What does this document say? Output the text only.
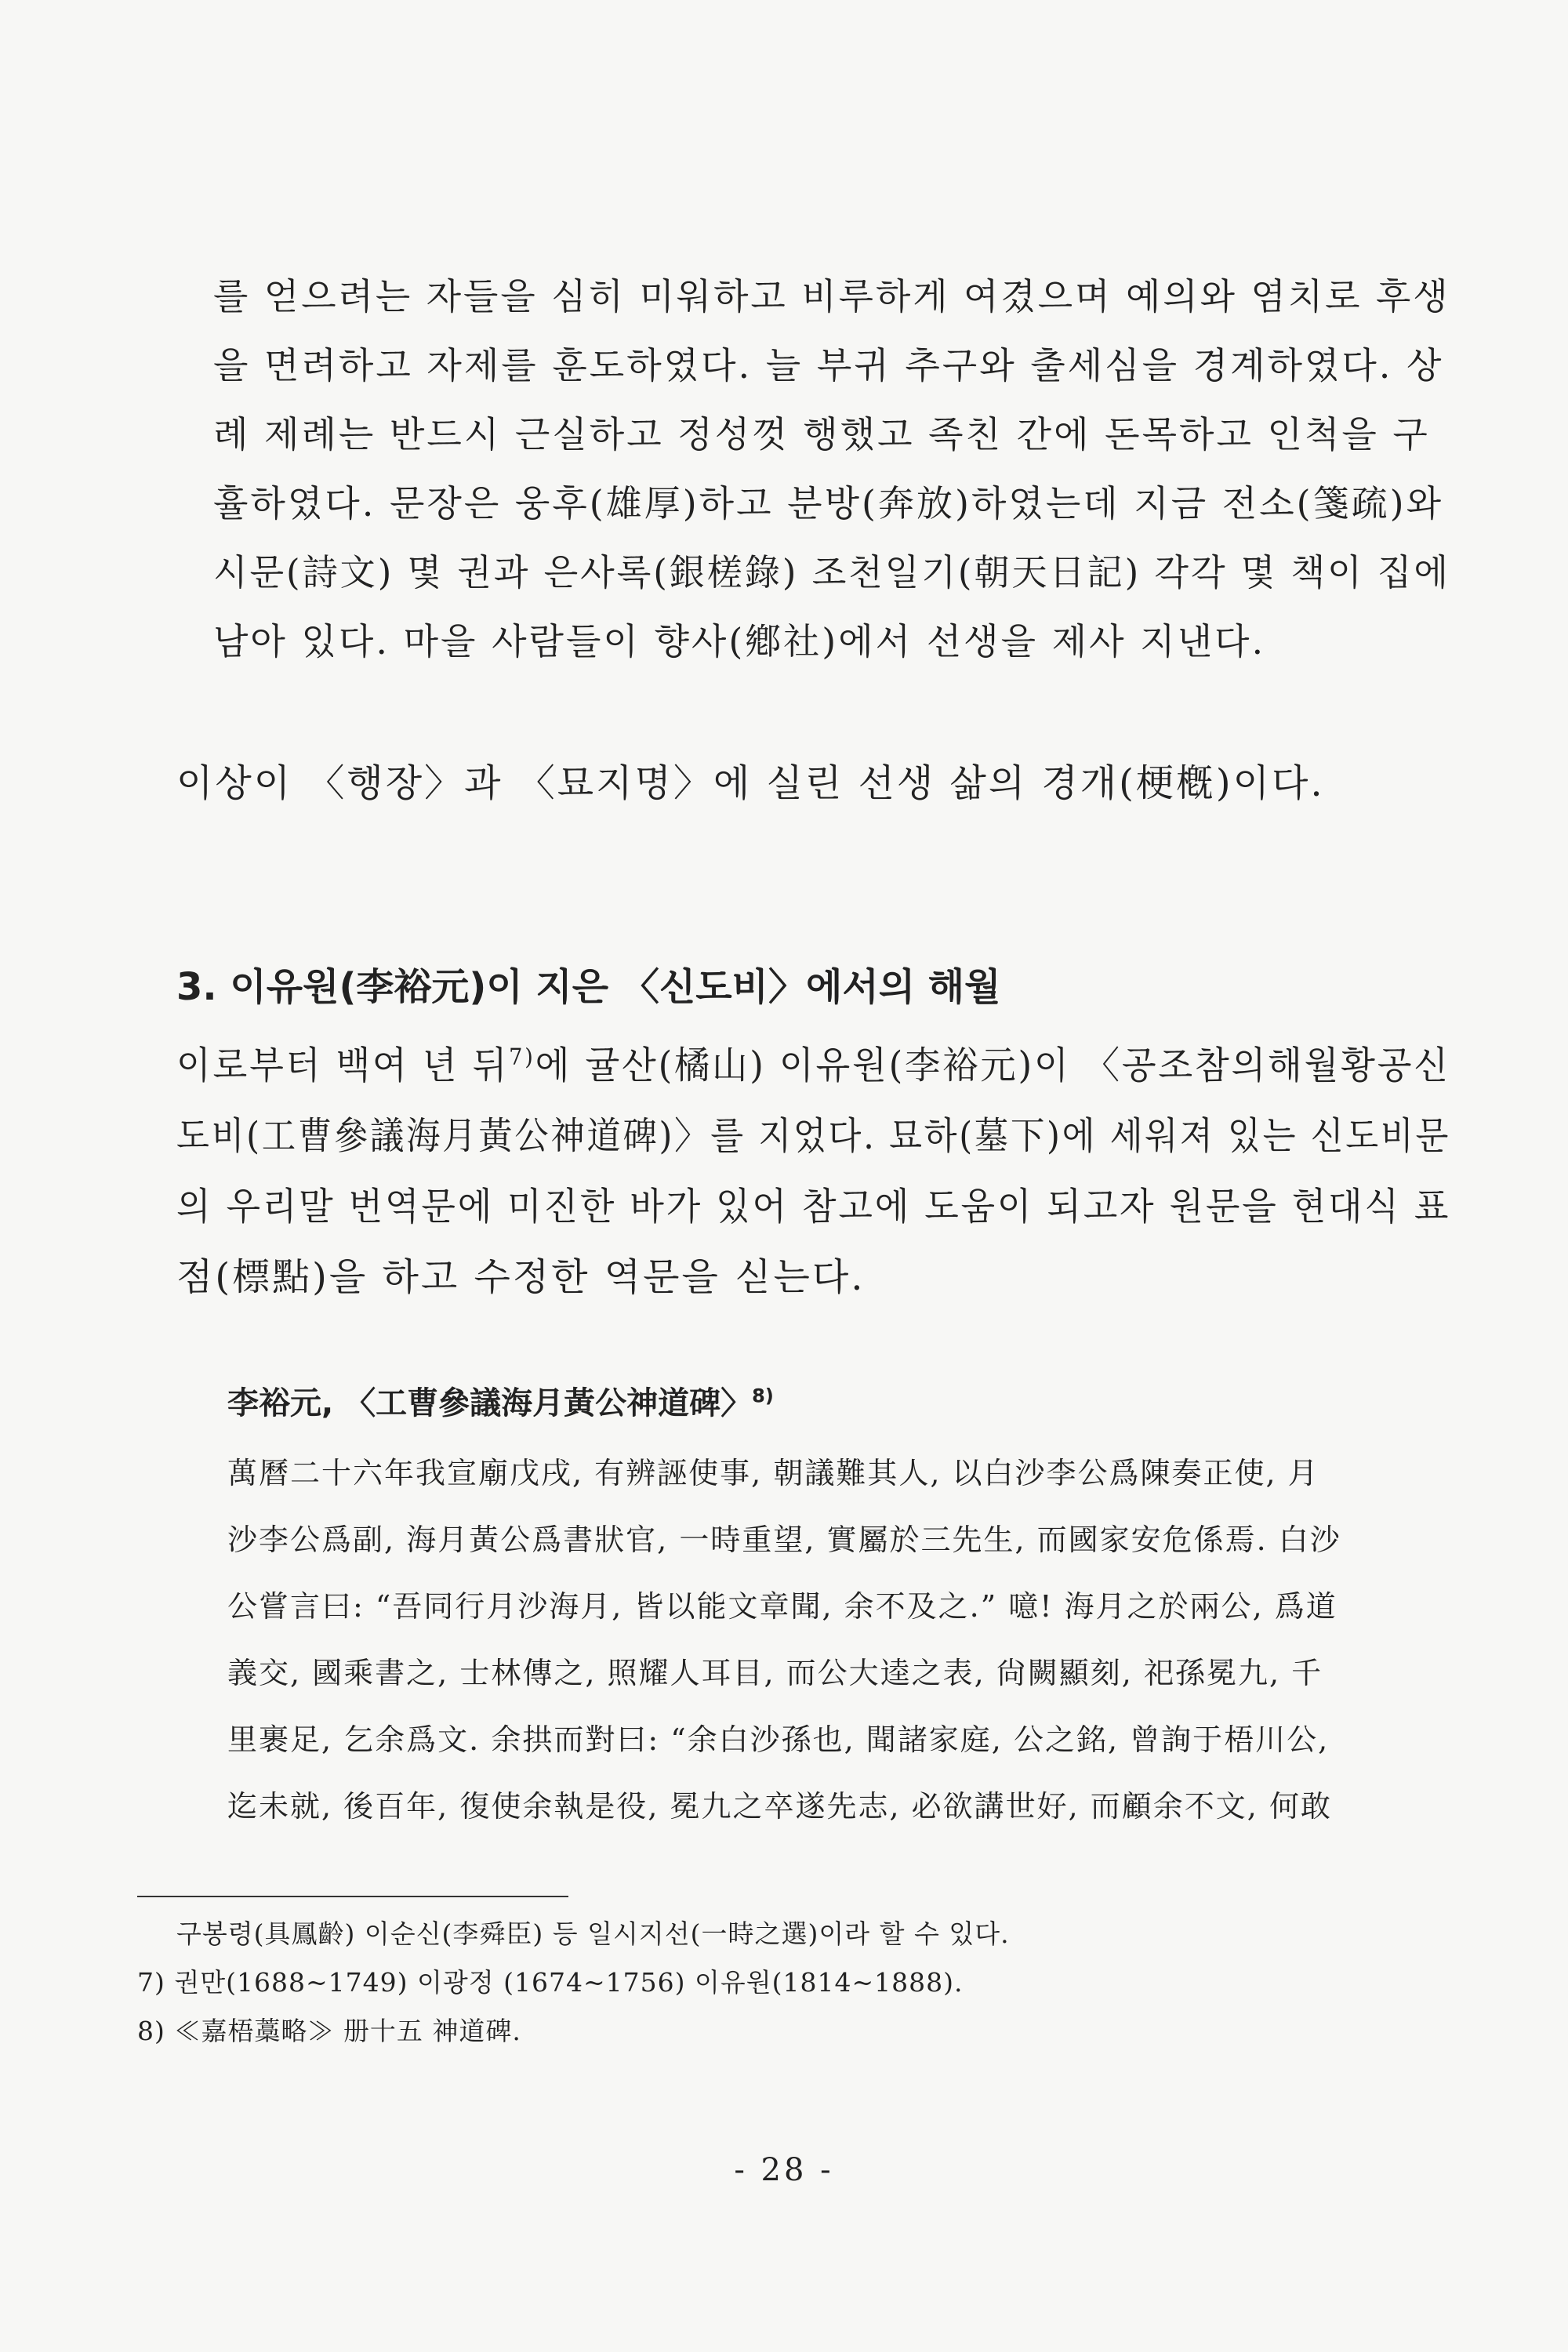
를 얻으려는 자들을 심히 미워하고 비루하게 여겼으며 예의와 염치로 후생
을 면려하고 자제를 훈도하였다. 늘 부귀 추구와 출세심을 경계하였다. 상
례 제례는 반드시 근실하고 정성껏 행했고 족친 간에 돈목하고 인척을 구
휼하였다. 문장은 웅후(雄厚)하고 분방(奔放)하였는데 지금 전소(箋疏)와
시문(詩文) 몇 권과 은사록(銀槎錄) 조천일기(朝天日記) 각각 몇 책이 집에
남아 있다. 마을 사람들이 향사(鄕社)에서 선생을 제사 지낸다.
이상이 〈행장〉과 〈묘지명〉에 실린 선생 삶의 경개(梗槪)이다.
3. 이유원(李裕元)이 지은 〈신도비〉에서의 해월
이로부터 백여 년 뒤$^{7)}$에 귤산(橘山) 이유원(李裕元)이 〈공조참의해월황공신
도비(工曹參議海月黃公神道碑)〉를 지었다. 묘하(墓下)에 세워져 있는 신도비문
의 우리말 번역문에 미진한 바가 있어 참고에 도움이 되고자 원문을 현대식 표
점(標點)을 하고 수정한 역문을 싣는다.
李裕元, 〈工曹參議海月黃公神道碑〉$^{8)}$
萬曆二十六年我宣廟戊戌, 有辨誣使事, 朝議難其人, 以白沙李公爲陳奏正使, 月
沙李公爲副, 海月黃公爲書狀官, 一時重望, 實屬於三先生, 而國家安危係焉. 白沙
公嘗言曰: “吾同行月沙海月, 皆以能文章聞, 余不及之.” 噫! 海月之於兩公, 爲道
義交, 國乘書之, 士林傳之, 照耀人耳目, 而公大逵之表, 尙闕顯刻, 祀孫冕九, 千
里裹足, 乞余爲文. 余拱而對曰: “余白沙孫也, 聞諸家庭, 公之銘, 曾詢于梧川公,
迄未就, 後百年, 復使余執是役, 冕九之卒遂先志, 必欲講世好, 而顧余不文, 何敢
구봉령(具鳳齡) 이순신(李舜臣) 등 일시지선(一時之選)이라 할 수 있다.
7) 권만(1688~1749) 이광정 (1674~1756) 이유원(1814~1888).
8) ≪嘉梧藁略≫ 册十五 神道碑.
- 28 -
